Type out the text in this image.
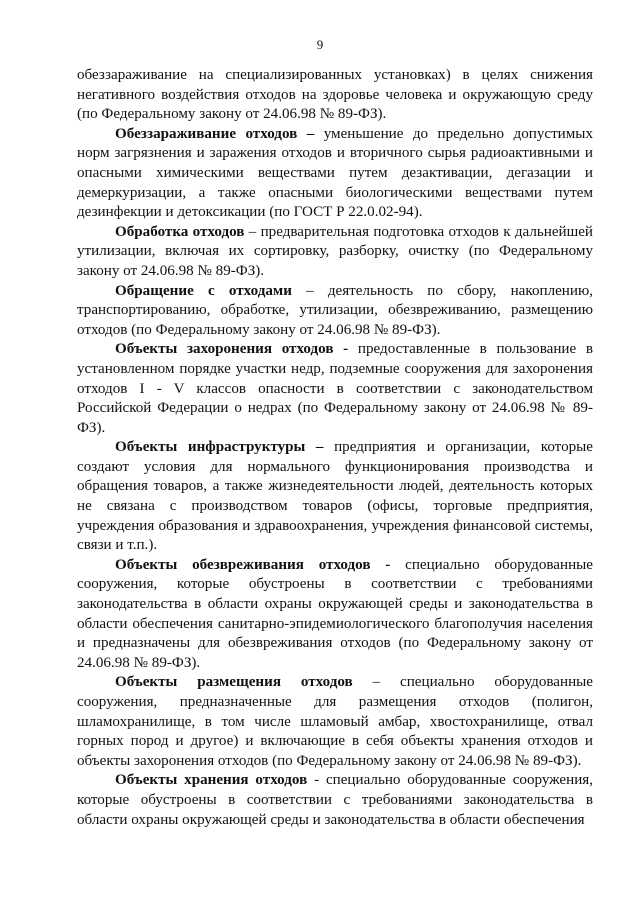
9

обеззараживание на специализированных установках) в целях снижения негативного воздействия отходов на здоровье человека и окружающую среду (по Федеральному закону от 24.06.98 № 89-ФЗ).

Обеззараживание отходов – уменьшение до предельно допустимых норм загрязнения и заражения отходов и вторичного сырья радиоактивными и опасными химическими веществами путем дезактивации, дегазации и демеркуризации, а также опасными биологическими веществами путем дезинфекции и детоксикации (по ГОСТ Р 22.0.02-94).

Обработка отходов – предварительная подготовка отходов к дальнейшей утилизации, включая их сортировку, разборку, очистку (по Федеральному закону от 24.06.98 № 89-ФЗ).

Обращение с отходами – деятельность по сбору, накоплению, транспортированию, обработке, утилизации, обезвреживанию, размещению отходов (по Федеральному закону от 24.06.98 № 89-ФЗ).

Объекты захоронения отходов - предоставленные в пользование в установленном порядке участки недр, подземные сооружения для захоронения отходов I - V классов опасности в соответствии с законодательством Российской Федерации о недрах (по Федеральному закону от 24.06.98 № 89-ФЗ).

Объекты инфраструктуры – предприятия и организации, которые создают условия для нормального функционирования производства и обращения товаров, а также жизнедеятельности людей, деятельность которых не связана с производством товаров (офисы, торговые предприятия, учреждения образования и здравоохранения, учреждения финансовой системы, связи и т.п.).

Объекты обезвреживания отходов - специально оборудованные сооружения, которые обустроены в соответствии с требованиями законодательства в области охраны окружающей среды и законодательства в области обеспечения санитарно-эпидемиологического благополучия населения и предназначены для обезвреживания отходов (по Федеральному закону от 24.06.98 № 89-ФЗ).

Объекты размещения отходов – специально оборудованные сооружения, предназначенные для размещения отходов (полигон, шламохранилище, в том числе шламовый амбар, хвостохранилище, отвал горных пород и другое) и включающие в себя объекты хранения отходов и объекты захоронения отходов (по Федеральному закону от 24.06.98 № 89-ФЗ).

Объекты хранения отходов - специально оборудованные сооружения, которые обустроены в соответствии с требованиями законодательства в области охраны окружающей среды и законодательства в области обеспечения
